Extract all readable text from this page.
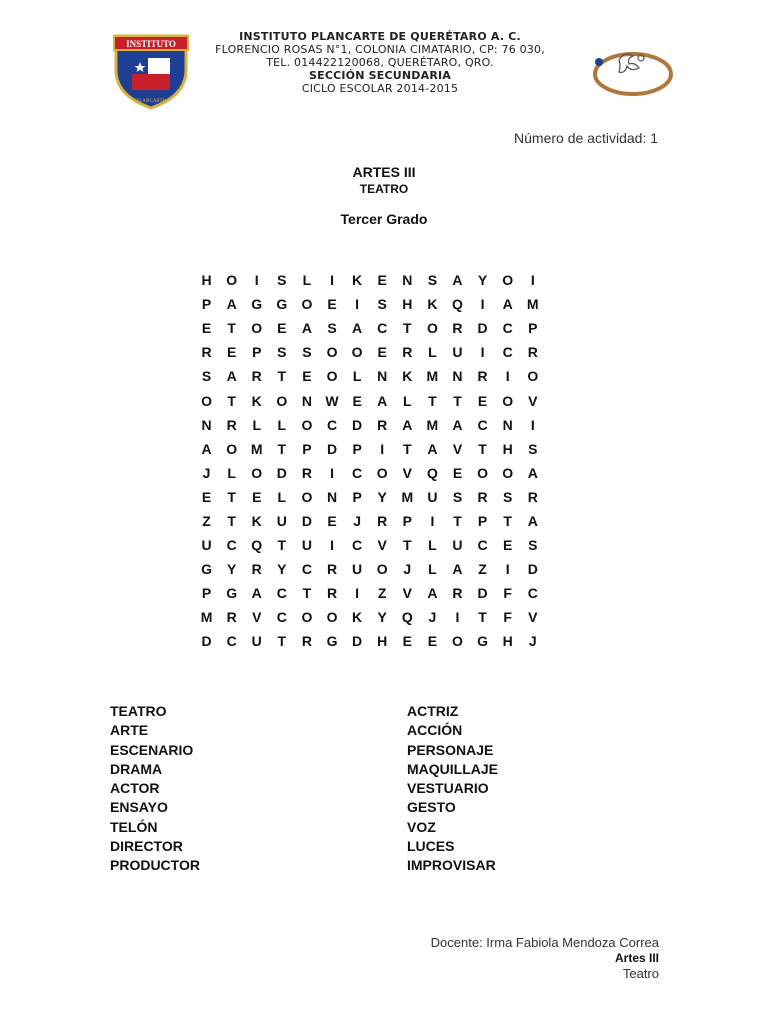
INSTITUTO
PLANCARTE
INSTITUTO PLANCARTE DE QUERÉTARO A. C.
FLORENCIO ROSAS N°1, COLONIA CIMATARIO, CP: 76 030,
TEL. 014422120068, QUERÉTARO, QRO.
SECCIÓN SECUNDARIA
CICLO ESCOLAR 2014-2015
Número de actividad: 1
ARTES III
TEATRO
Tercer Grado
H	O	I	S	L	I	K	E	N	S	A	Y	O	I
P	A	G	G	O	E	I	S	H	K	Q	I	A	M
E	T	O	E	A	S	A	C	T	O	R	D	C	P
R	E	P	S	S	O	O	E	R	L	U	I	C	R
S	A	R	T	E	O	L	N	K	M	N	R	I	O
O	T	K	O	N W E	A	L	T	T	E	O	V
N	R	L	L	O	C	D	R	A	M	A	C	N	I
A	O M	T	P	D	P	I	T	A	V	T	H	S
J	L	O	D	R	I	C	O	V	Q	E	O	O	A
E	T	E	L	O	N	P	Y	M	U	S	R	S	R
Z	T	K	U	D	E	J	R	P	I	T	P	T	A
U	C	Q	T	U	I	C	V	T	L	U	C	E	S
G	Y	R	Y	C	R	U	O	J	L	A	Z	I	D
P	G	A	C	T	R	I	Z	V	A	R	D	F	C
M	R	V	C	O	O	K	Y	Q	J	I	T	F	V
D	C	U	T	R	G	D	H	E	E	O	G	H	J
TEATRO
ARTE
ESCENARIO
DRAMA
ACTOR
ENSAYO
TELÓN
DIRECTOR
PRODUCTOR
ACTRIZ
ACCIÓN
PERSONAJE
MAQUILLAJE
VESTUARIO
GESTO
VOZ
LUCES
IMPROVISAR
Docente: Irma Fabiola Mendoza Correa
Artes III
Teatro
